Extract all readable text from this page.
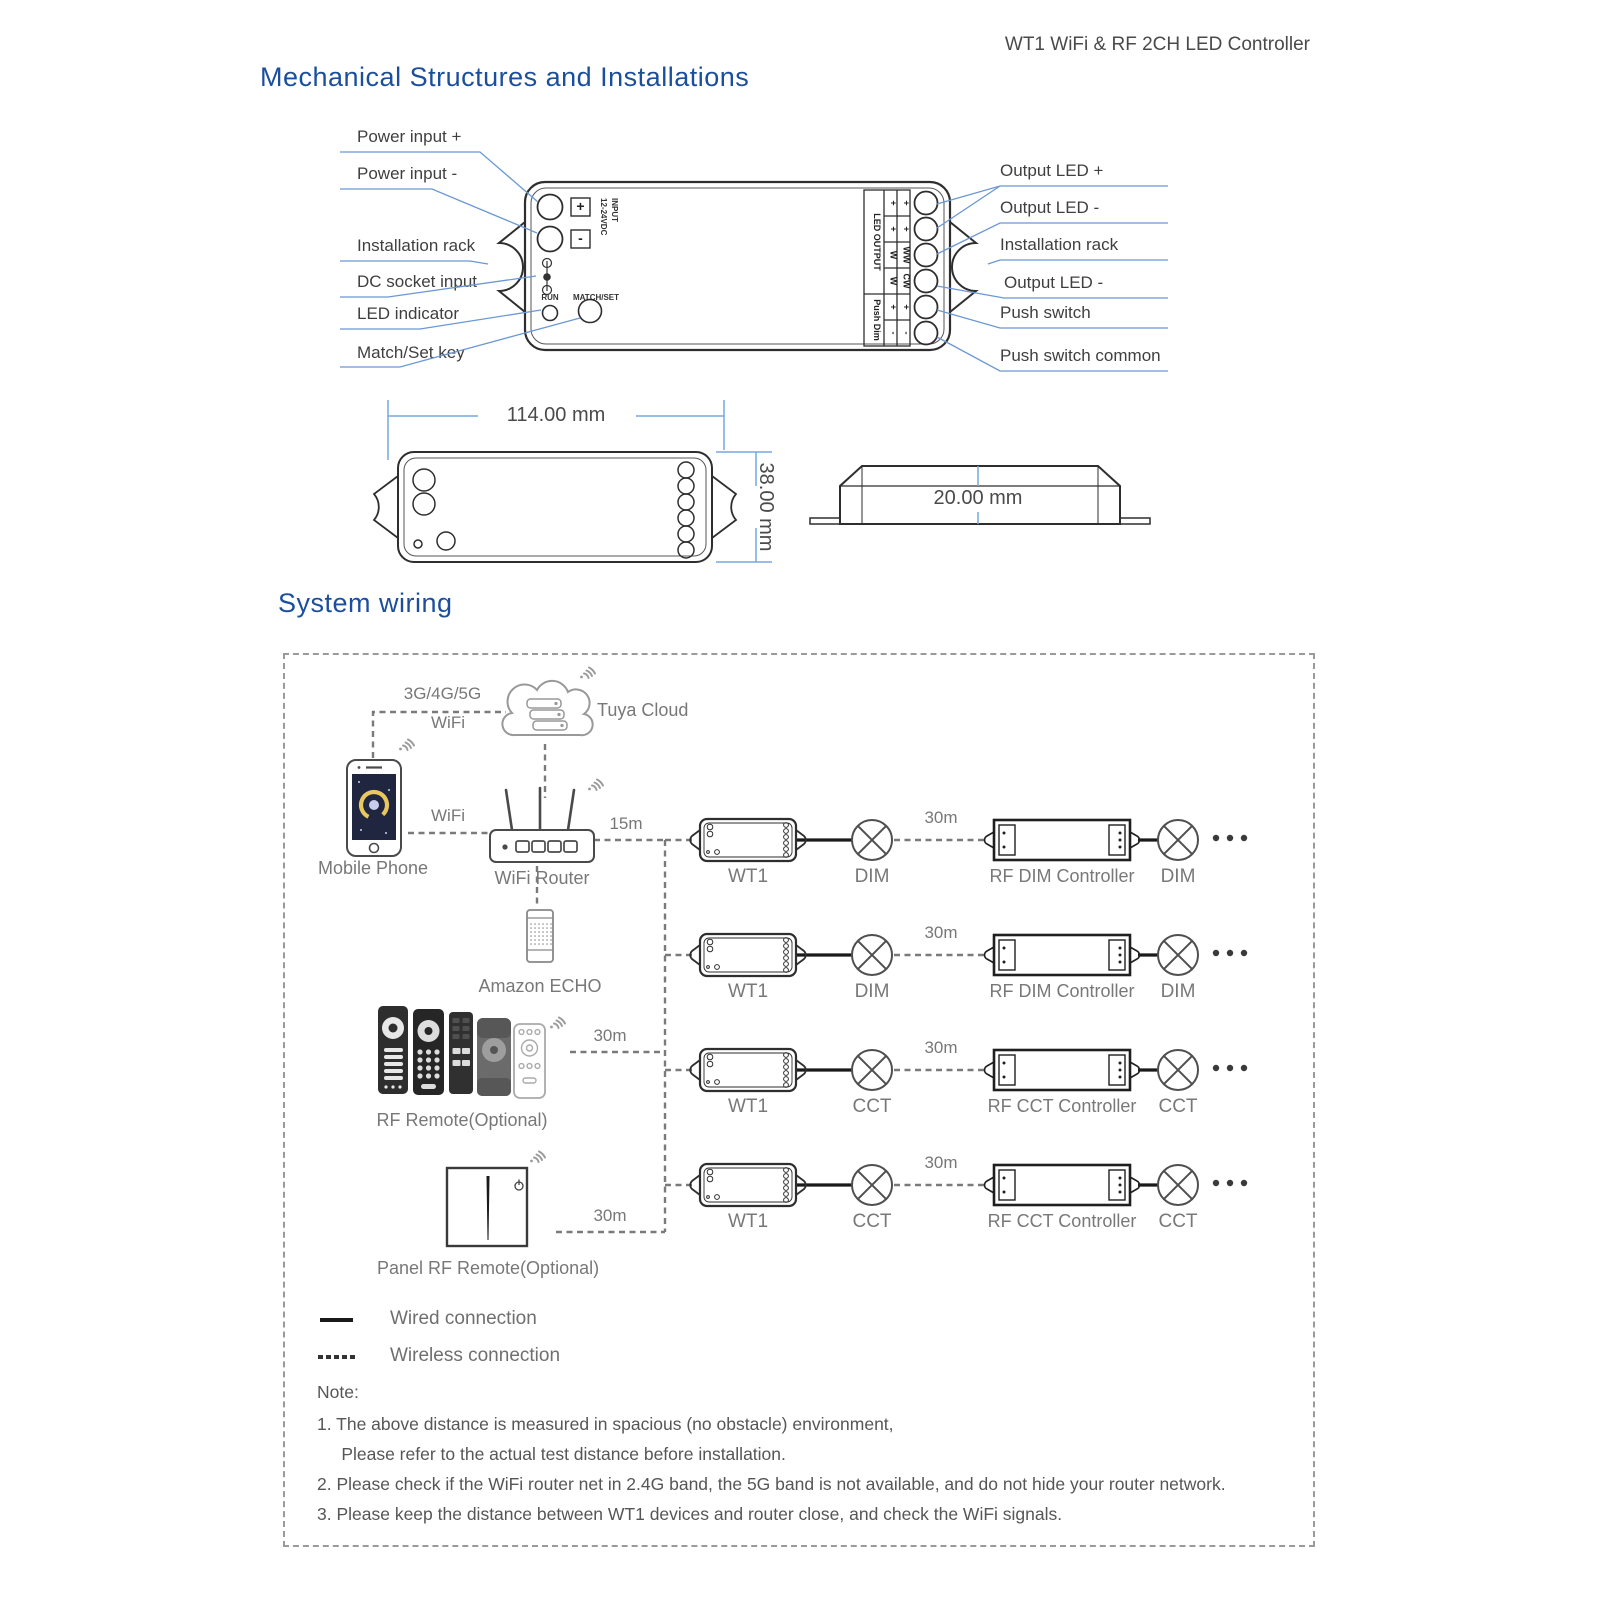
WT1 WiFi & RF 2CH LED Controller
Mechanical Structures and Installations
Power input +
Power input -
Installation rack
DC socket input
LED indicator
Match/Set key
Output LED +
Output LED -
Installation rack
Output LED -
Push switch
Push switch common
114.00 mm
20.00 mm
System wiring
3G/4G/5G
WiFi
Tuya Cloud
Mobile Phone
WiFi
WiFi Router
15m
Amazon ECHO
RF Remote(Optional)
30m
Panel RF Remote(Optional)
30m
WT1	DIM
30m
RF DIM Controller	DIM
WT1	DIM
30m
RF DIM Controller	DIM
WT1	CCT
30m
RF CCT Controller	CCT
WT1	CCT
30m
RF CCT Controller	CCT
Wired connection
Wireless connection
Note:
1. The above distance is measured in spacious (no obstacle) environment,
Please refer to the actual test distance before installation.
2. Please check if the WiFi router net in 2.4G band, the 5G band is not available, and do not hide your router network.
3. Please keep the distance between WT1 devices and router close, and check the WiFi signals.
+
-
INPUT
12-24VDC
RUN MATCH/SET
LED OUTPUT
Push Dim
+
+
W
W
+
-
+
+
WW
CW
+
-
38.00 mm
